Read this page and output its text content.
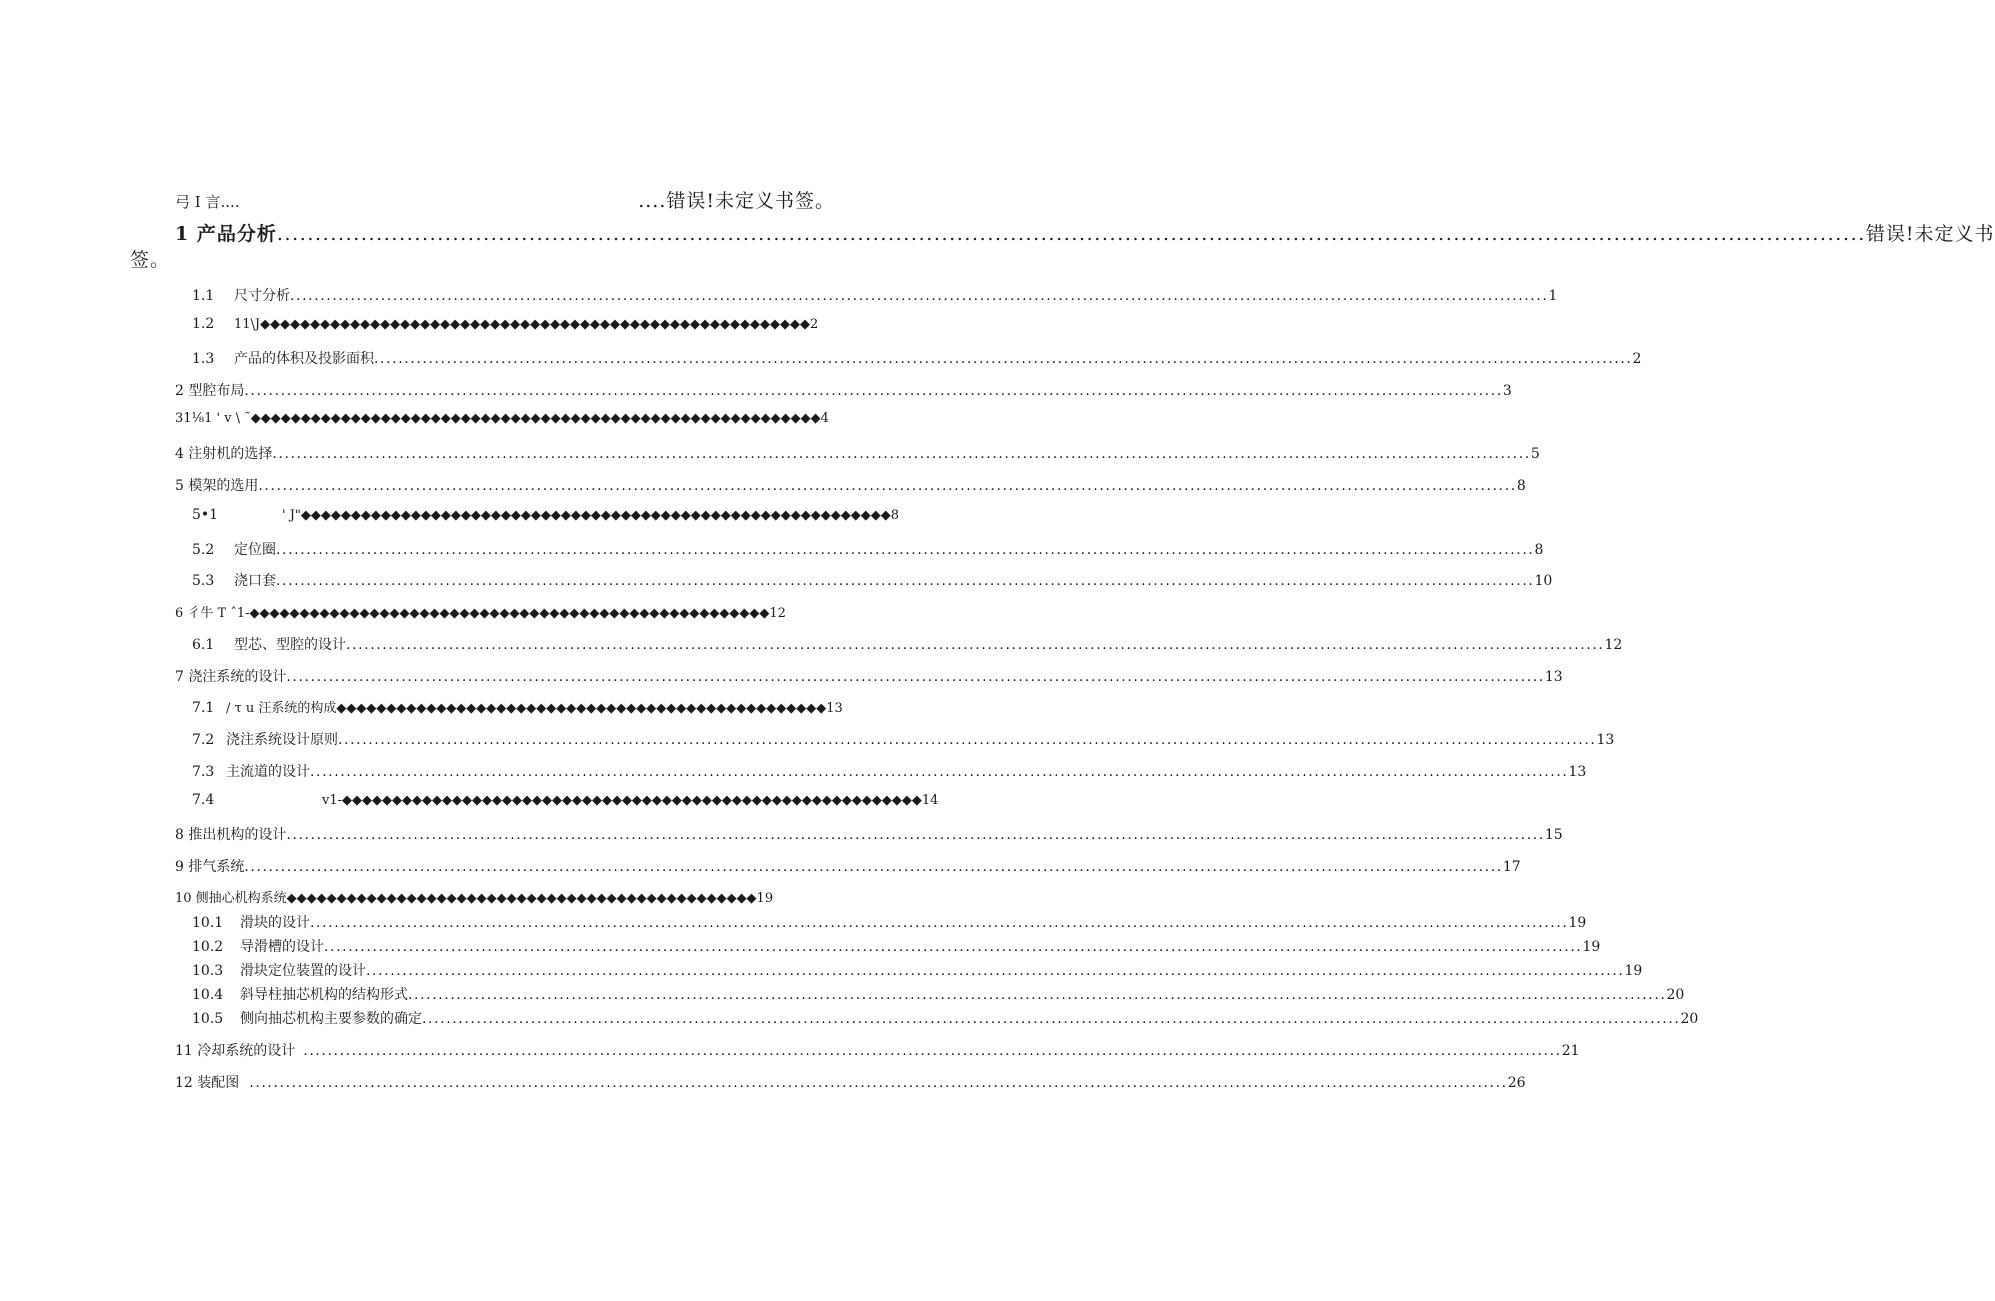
弓 I 言....	....错误!未定义书签。
1 产品分析 .....	错误!未定义书
签。
1.1	尺寸分析 .....	1
1.2	11\J◆◆◆◆◆◆◆◆◆◆◆◆◆◆◆◆◆◆◆◆◆◆◆◆◆◆◆◆◆◆◆◆◆◆◆◆◆◆◆◆◆◆◆◆◆◆◆◆◆◆◆◆◆◆◆2
1.3	产品的体积及投影面积 .....	2
2 型腔布局 .....	3
31⅛1 ' v \ ˜◆◆◆◆◆◆◆◆◆◆◆◆◆◆◆◆◆◆◆◆◆◆◆◆◆◆◆◆◆◆◆◆◆◆◆◆◆◆◆◆◆◆◆◆◆◆◆◆◆◆◆◆◆◆◆◆◆4
4 注射机的选择 .....	5
5 模架的选用 .....	8
5•1	' J"◆◆◆◆◆◆◆◆◆◆◆◆◆◆◆◆◆◆◆◆◆◆◆◆◆◆◆◆◆◆◆◆◆◆◆◆◆◆◆◆◆◆◆◆◆◆◆◆◆◆◆◆◆◆◆◆◆◆◆8
5.2	定位圈 .....	8
5.3	浇口套 .....	10
6 彳牛 T ˆ1-◆◆◆◆◆◆◆◆◆◆◆◆◆◆◆◆◆◆◆◆◆◆◆◆◆◆◆◆◆◆◆◆◆◆◆◆◆◆◆◆◆◆◆◆◆◆◆◆◆◆◆◆12
6.1	型芯、型腔的设计 .....	12
7 浇注系统的设计 .....	13
7.1 / τ u 汪系统的构成◆◆◆◆◆◆◆◆◆◆◆◆◆◆◆◆◆◆◆◆◆◆◆◆◆◆◆◆◆◆◆◆◆◆◆◆◆◆◆◆◆◆◆◆◆◆◆◆◆13
7.2 浇注系统设计原则 .....	13
7.3 主流道的设计 .....	13
7.4	v1-◆◆◆◆◆◆◆◆◆◆◆◆◆◆◆◆◆◆◆◆◆◆◆◆◆◆◆◆◆◆◆◆◆◆◆◆◆◆◆◆◆◆◆◆◆◆◆◆◆◆◆◆◆◆◆◆◆◆14
8 推出机构的设计 .....	15
9 排气系统 .....	17
10 侧抽心机构系统◆◆◆◆◆◆◆◆◆◆◆◆◆◆◆◆◆◆◆◆◆◆◆◆◆◆◆◆◆◆◆◆◆◆◆◆◆◆◆◆◆◆◆◆◆◆◆19
10.1	滑块的设计 .....	19
10.2	导滑槽的设计 .....	19
10.3	滑块定位装置的设计 .....	19
10.4	斜导柱抽芯机构的结构形式 .....	20
10.5	侧向抽芯机构主要参数的确定 .....	20
11 冷却系统的设计 .....	21
12 装配图 .....	26
